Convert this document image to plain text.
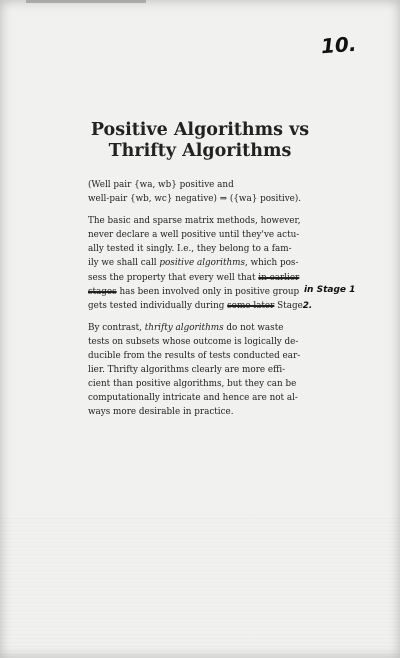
10.
Positive Algorithms vs
Thrifty Algorithms
(Well pair {wa, wb} positive and
well-pair {wb, wc} negative) ⇒ ({wa} positive).
The basic and sparse matrix methods, however,
never declare a well positive until they've actu-
ally tested it singly. I.e., they belong to a fam-
ily we shall call positive algorithms, which pos-
sess the property that every well that in earlier
stages has been involved only in positive group in Stage 1
gets tested individually during some later Stage2.
By contrast, thrifty algorithms do not waste
tests on subsets whose outcome is logically de-
ducible from the results of tests conducted ear-
lier. Thrifty algorithms clearly are more effi-
cient than positive algorithms, but they can be
computationally intricate and hence are not al-
ways more desirable in practice.
